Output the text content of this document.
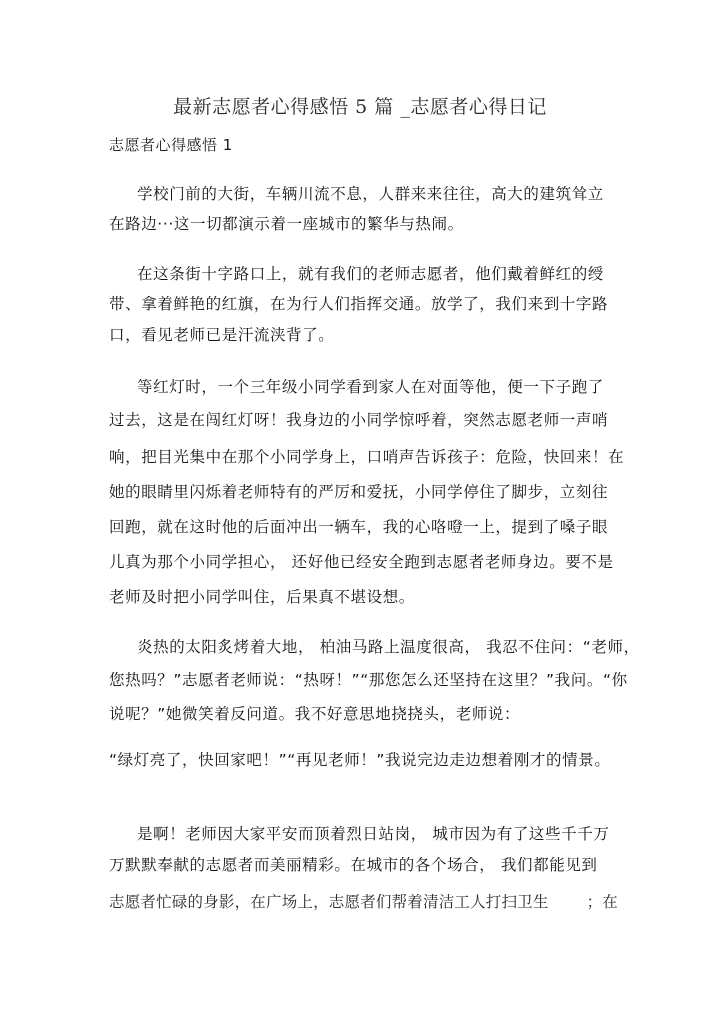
最新志愿者心得感悟 5 篇 _志愿者心得日记
志愿者心得感悟 1
学校门前的大街，车辆川流不息，人群来来往往，高大的建筑耸立
在路边···这一切都演示着一座城市的繁华与热闹。
在这条街十字路口上，就有我们的老师志愿者，他们戴着鲜红的绶
带、拿着鲜艳的红旗，在为行人们指挥交通。放学了，我们来到十字路
口，看见老师已是汗流浃背了。
等红灯时，一个三年级小同学看到家人在对面等他，便一下子跑了
过去，这是在闯红灯呀！我身边的小同学惊呼着，突然志愿老师一声哨
响，把目光集中在那个小同学身上，口哨声告诉孩子：危险，快回来！在
她的眼睛里闪烁着老师特有的严厉和爱抚，小同学停住了脚步，立刻往
回跑，就在这时他的后面冲出一辆车，我的心咯噔一上，提到了嗓子眼
儿真为那个小同学担心， 还好他已经安全跑到志愿者老师身边。要不是
老师及时把小同学叫住，后果真不堪设想。
炎热的太阳炙烤着大地， 柏油马路上温度很高， 我忍不住问：“老师，
您热吗？”志愿者老师说：“热呀！”“那您怎么还坚持在这里？”我问。“你
说呢？”她微笑着反问道。我不好意思地挠挠头，老师说：
“绿灯亮了，快回家吧！”“再见老师！”我说完边走边想着刚才的情景。
是啊！老师因大家平安而顶着烈日站岗， 城市因为有了这些千千万
万默默奉献的志愿者而美丽精彩。在城市的各个场合， 我们都能见到
志愿者忙碌的身影，在广场上，志愿者们帮着清洁工人打扫卫生 ；在
